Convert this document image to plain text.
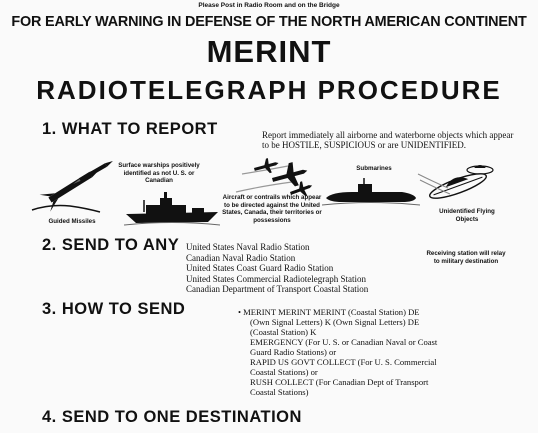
Please Post in Radio Room and on the Bridge
FOR EARLY WARNING IN DEFENSE OF THE NORTH AMERICAN CONTINENT
MERINT
RADIOTELEGRAPH PROCEDURE
1. WHAT TO REPORT	Report immediately all airborne and waterborne objects which appear to be HOSTILE, SUSPICIOUS or are UNIDENTIFIED.
Guided Missiles
Surface warships positively identified as not U. S. or Canadian
Aircraft or contrails which appear to be directed against the United States, Canada, their territories or possessions
Submarines
Unidentified Flying Objects
2. SEND TO ANY United States Naval Radio Station
Canadian Naval Radio Station
United States Coast Guard Radio Station
United States Commercial Radiotelegraph Station
Canadian Department of Transport Coastal Station
Receiving station will relay to military destination
3. HOW TO SEND	• MERINT MERINT MERINT (Coastal Station) DE
(Own Signal Letters) K (Own Signal Letters) DE
(Coastal Station) K
EMERGENCY (For U. S. or Canadian Naval or Coast
Guard Radio Stations) or
RAPID US GOVT COLLECT (For U. S. Commercial
Coastal Stations) or
RUSH COLLECT (For Canadian Dept of Transport
Coastal Stations)
4. SEND TO ONE DESTINATION
